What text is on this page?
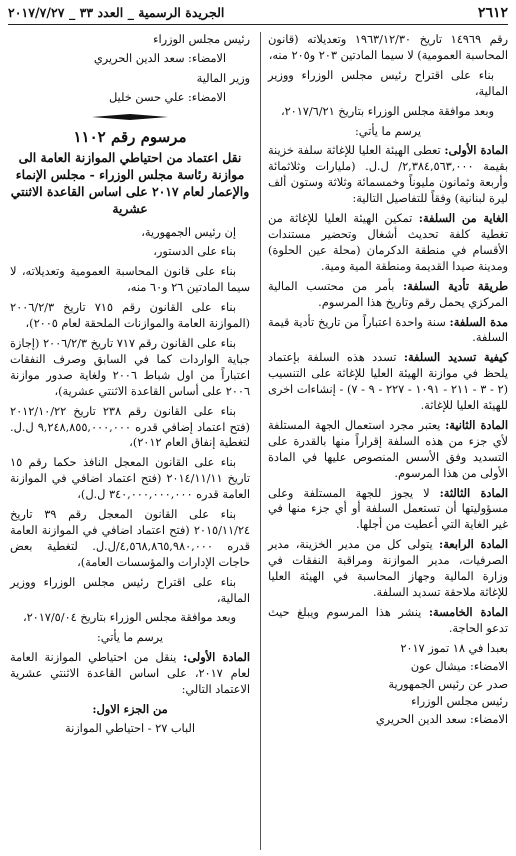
٢٦١٢
الجريدة الرسمية _ العدد ٣٣ _ ٢٠١٧/٧/٢٧

رقم ١٤٩٦٩ تاريخ ١٩٦٣/١٢/٣٠ وتعديلاته (قانون المحاسبة العمومية) لا سيما المادتين ٢٠٣ و٢٠٥ منه،

بناء على اقتراح رئيس مجلس الوزراء ووزير المالية،

وبعد موافقة مجلس الوزراء بتاريخ ٢٠١٧/٦/٢١،

يرسم ما يأتي:

المادة الأولى: تعطى الهيئة العليا للإغاثة سلفة خزينة بقيمة ٢,٣٨٤,٥٦٣,٠٠٠/ ل.ل. (مليارات وثلاثمائة وأربعة وثمانون مليوناً وخمسمائة وثلاثة وستون ألف ليرة لبنانية) وفقاً للتفاصيل التالية:

الغاية من السلفة: تمكين الهيئة العليا للإغاثة من تغطية كلفة تحديث أشغال وتحضير مستندات الأقسام في منطقة الدكرمان (محلة عين الحلوة) ومدينة صيدا القديمة ومنطقة المية ومية.

طريقة تأدية السلفة: بأمر من محتسب المالية المركزي يحمل رقم وتاريخ هذا المرسوم.

مدة السلفة: سنة واحدة اعتباراً من تاريخ تأدية قيمة السلفة.

كيفية تسديد السلفة: تسدد هذه السلفة بإعتماد يلحظ في موازنة الهيئة العليا للإغاثة على التنسيب (٢ - ٣ - ٢١١ - ١٠٩١ - ٢٢٧ - ٩ - ٧) - إنشاءات اخرى للهيئة العليا للإغاثة.

المادة الثانية: يعتبر مجرد استعمال الجهة المستلفة لأي جزء من هذه السلفة إقراراً منها بالقدرة على التسديد وفق الأسس المنصوص عليها في المادة الأولى من هذا المرسوم.

المادة الثالثة: لا يجوز للجهة المستلفة وعلى مسؤوليتها أن تستعمل السلفة أو أي جزء منها في غير الغاية التي أعطيت من أجلها.

المادة الرابعة: يتولى كل من مدير الخزينة، مدير الصرفيات، مدير الموازنة ومراقبة النفقات في وزارة المالية وجهاز المحاسبة في الهيئة العليا للإغاثة ملاحقة تسديد السلفة.

المادة الخامسة: ينشر هذا المرسوم ويبلغ حيث تدعو الحاجة.

بعبدا في ١٨ تموز ٢٠١٧

الامضاء: ميشال عون

صدر عن رئيس الجمهورية

رئيس مجلس الوزراء

الامضاء: سعد الدين الحريري

رئيس مجلس الوزراء

الامضاء: سعد الدين الحريري

وزير المالية

الامضاء: علي حسن خليل

مرسوم رقم ١١٠٢
نقل اعتماد من احتياطي الموازنة العامة الى موازنة رئاسة مجلس الوزراء - مجلس الإنماء والإعمار لعام ٢٠١٧ على اساس القاعدة الاثنتي عشرية

إن رئيس الجمهورية،

بناء على الدستور،

بناء على قانون المحاسبة العمومية وتعديلاته، لا سيما المادتين ٢٦ و٦٠ منه،

بناء على القانون رقم ٧١٥ تاريخ ٢٠٠٦/٢/٣ (الموازنة العامة والموازنات الملحقة لعام ٢٠٠٥)،

بناء على القانون رقم ٧١٧ تاريخ ٢٠٠٦/٢/٣ (إجازة جباية الواردات كما في السابق وصرف النفقات اعتباراً من اول شباط ٢٠٠٦ ولغاية صدور موازنة ٢٠٠٦ على أساس القاعدة الاثنتي عشرية)،

بناء على القانون رقم ٢٣٨ تاريخ ٢٠١٢/١٠/٢٢ (فتح اعتماد إضافي قدره ٩,٢٤٨,٨٥٥,٠٠٠,٠٠٠ ل.ل. لتغطية إنفاق العام ٢٠١٢)،

بناء على القانون المعجل النافذ حكما رقم ١٥ تاريخ ٢٠١٤/١١/١١ (فتح اعتماد اضافي في الموازنة العامة قدره ٣٤٠,٠٠٠,٠٠٠,٠٠٠ ل.ل)،

بناء على القانون المعجل رقم ٣٩ تاريخ ٢٠١٥/١١/٢٤ (فتح اعتماد اضافي في الموازنة العامة قدره ٤,٥٦٨,٨٦٥,٩٨٠,٠٠٠/ل.ل. لتغطية بعض حاجات الإدارات والمؤسسات العامة)،

بناء على اقتراح رئيس مجلس الوزراء ووزير المالية،

وبعد موافقة مجلس الوزراء بتاريخ ٢٠١٧/٥/٠٤،

يرسم ما يأتي:

المادة الأولى: ينقل من احتياطي الموازنة العامة لعام ٢٠١٧، على اساس القاعدة الاثنتي عشرية الاعتماد التالي:

من الجزء الاول:

الباب ٢٧ - احتياطي الموازنة
